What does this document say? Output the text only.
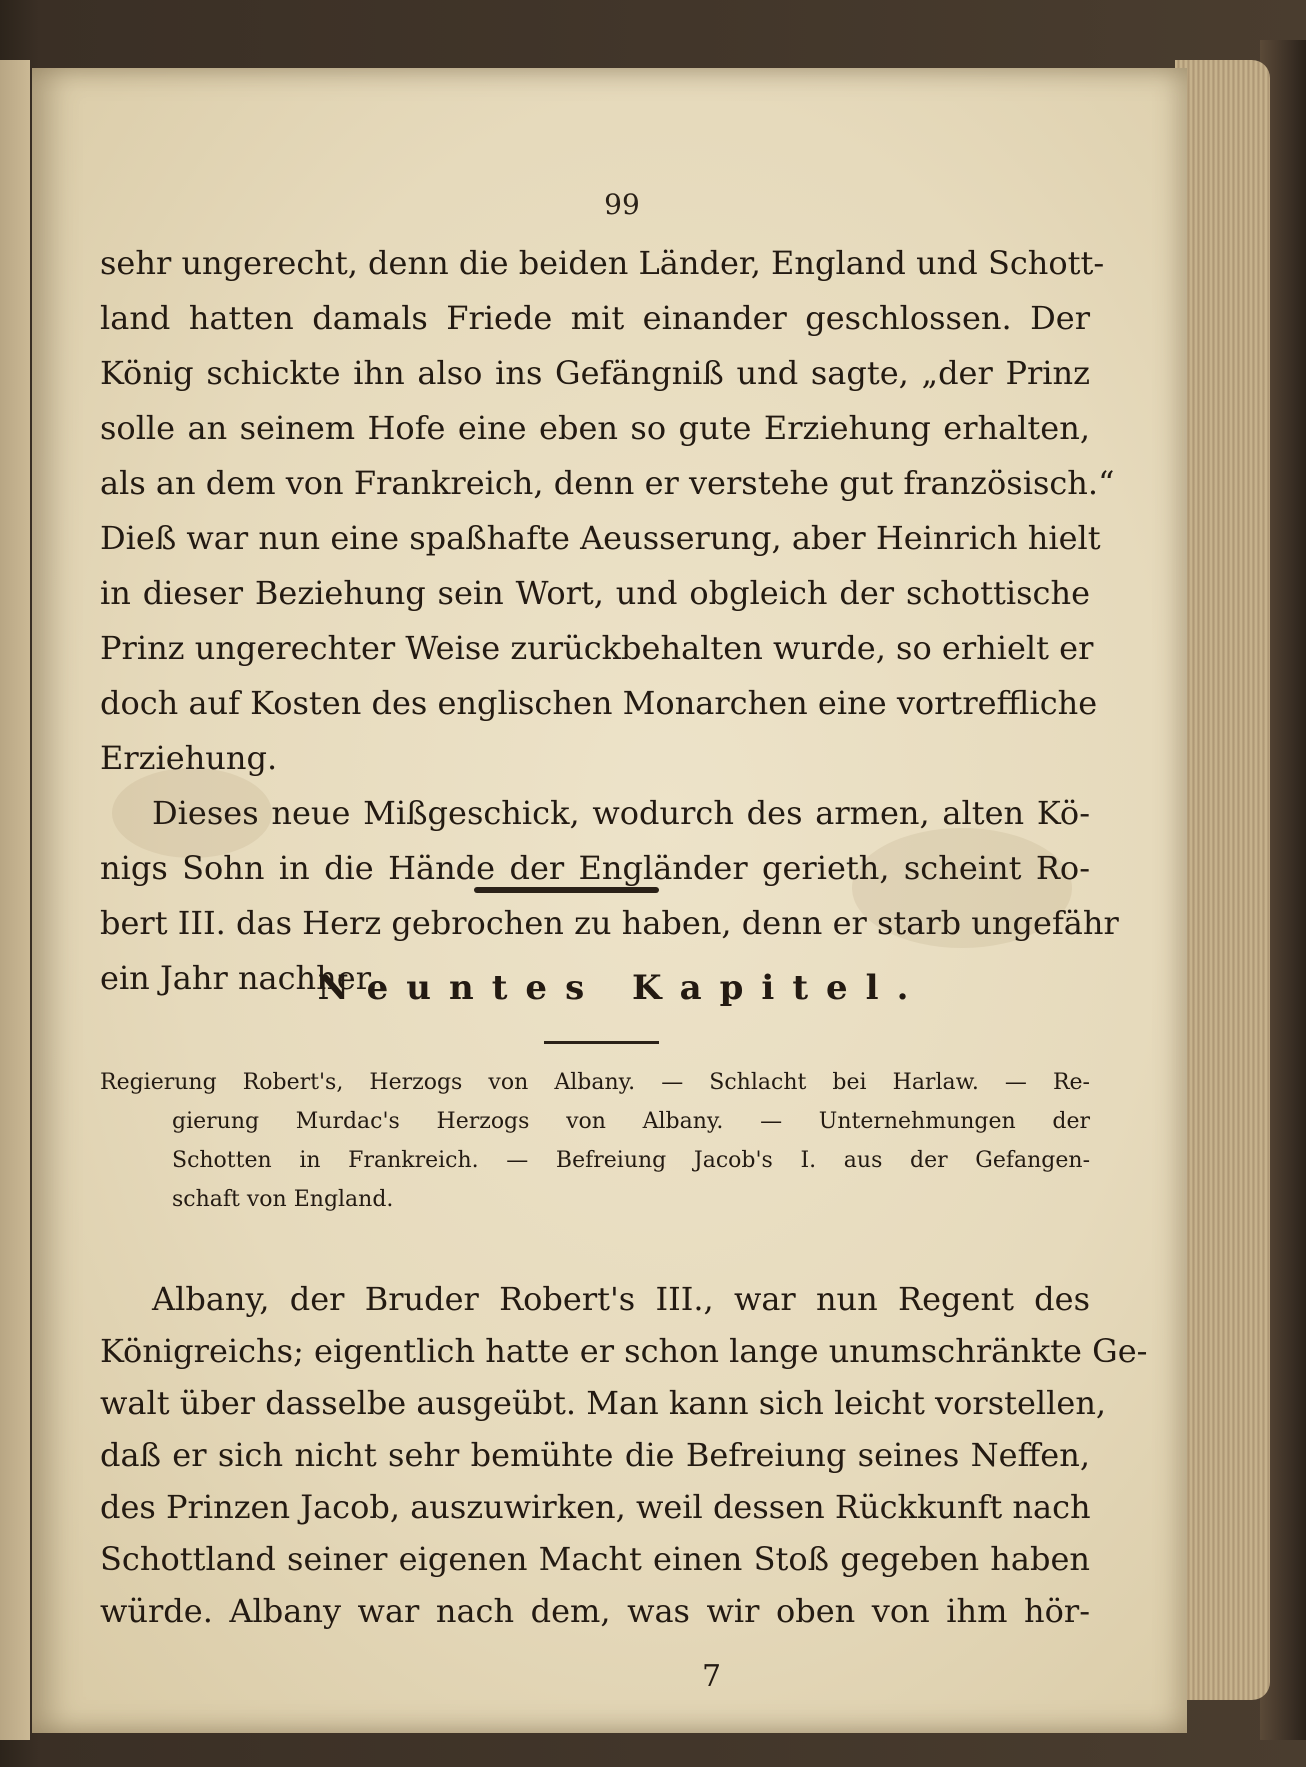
99
sehr ungerecht, denn die beiden Länder, England und Schott-
land hatten damals Friede mit einander geschlossen. Der
König schickte ihn also ins Gefängniß und sagte, „der Prinz
solle an seinem Hofe eine eben so gute Erziehung erhalten,
als an dem von Frankreich, denn er verstehe gut französisch.“
Dieß war nun eine spaßhafte Aeusserung, aber Heinrich hielt
in dieser Beziehung sein Wort, und obgleich der schottische
Prinz ungerechter Weise zurückbehalten wurde, so erhielt er
doch auf Kosten des englischen Monarchen eine vortreffliche
Erziehung.
Dieses neue Mißgeschick, wodurch des armen, alten Kö-
nigs Sohn in die Hände der Engländer gerieth, scheint Ro-
bert III. das Herz gebrochen zu haben, denn er starb ungefähr
ein Jahr nachher.
Neuntes Kapitel.
Regierung Robert's, Herzogs von Albany. — Schlacht bei Harlaw. — Re-
gierung Murdac's Herzogs von Albany. — Unternehmungen der
Schotten in Frankreich. — Befreiung Jacob's I. aus der Gefangen-
schaft von England.
Albany, der Bruder Robert's III., war nun Regent des
Königreichs; eigentlich hatte er schon lange unumschränkte Ge-
walt über dasselbe ausgeübt. Man kann sich leicht vorstellen,
daß er sich nicht sehr bemühte die Befreiung seines Neffen,
des Prinzen Jacob, auszuwirken, weil dessen Rückkunft nach
Schottland seiner eigenen Macht einen Stoß gegeben haben
würde. Albany war nach dem, was wir oben von ihm hör-
7
